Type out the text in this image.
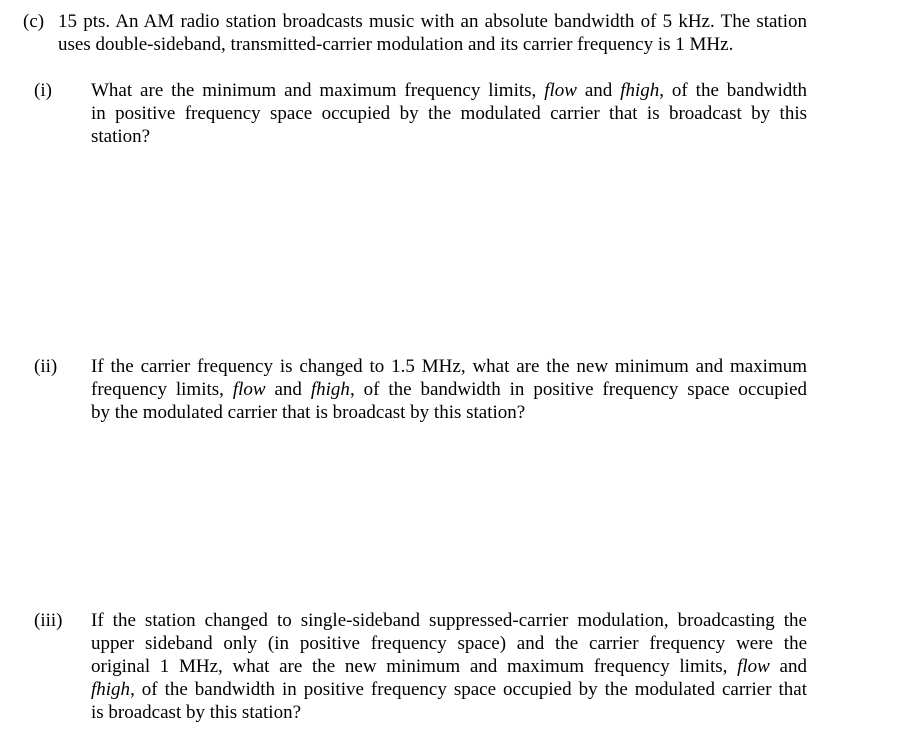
(c) 15 pts. An AM radio station broadcasts music with an absolute bandwidth of 5 kHz. The station
uses double-sideband, transmitted-carrier modulation and its carrier frequency is 1 MHz.
(i) What are the minimum and maximum frequency limits, flow and fhigh, of the bandwidth
in positive frequency space occupied by the modulated carrier that is broadcast by this
station?
(ii) If the carrier frequency is changed to 1.5 MHz, what are the new minimum and maximum
frequency limits, flow and fhigh, of the bandwidth in positive frequency space occupied
by the modulated carrier that is broadcast by this station?
(iii) If the station changed to single-sideband suppressed-carrier modulation, broadcasting the
upper sideband only (in positive frequency space) and the carrier frequency were the
original 1 MHz, what are the new minimum and maximum frequency limits, flow and
fhigh, of the bandwidth in positive frequency space occupied by the modulated carrier that
is broadcast by this station?
